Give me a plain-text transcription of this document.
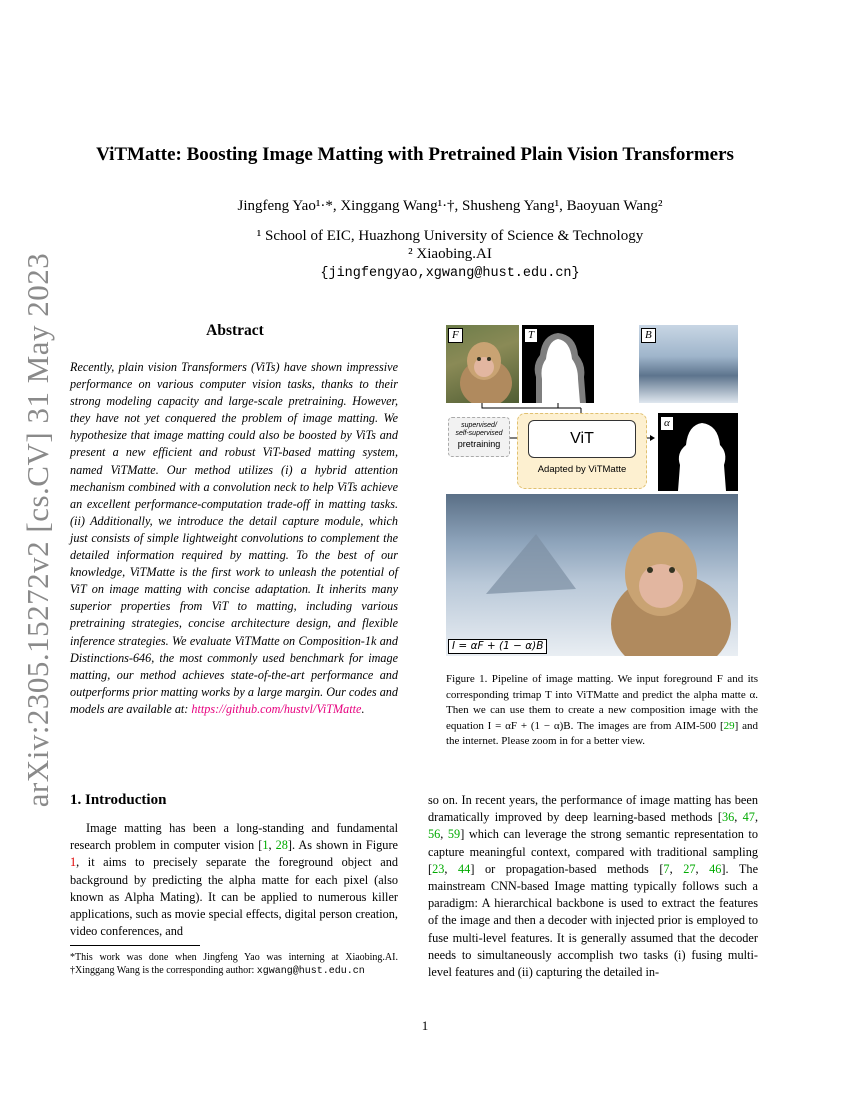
arXiv:2305.15272v2 [cs.CV] 31 May 2023
ViTMatte: Boosting Image Matting with Pretrained Plain Vision Transformers
Jingfeng Yao¹·*, Xinggang Wang¹·†, Shusheng Yang¹, Baoyuan Wang²
¹ School of EIC, Huazhong University of Science & Technology
² Xiaobing.AI
{jingfengyao,xgwang@hust.edu.cn}
Abstract
Recently, plain vision Transformers (ViTs) have shown impressive performance on various computer vision tasks, thanks to their strong modeling capacity and large-scale pretraining. However, they have not yet conquered the problem of image matting. We hypothesize that image matting could also be boosted by ViTs and present a new efficient and robust ViT-based matting system, named ViTMatte. Our method utilizes (i) a hybrid attention mechanism combined with a convolution neck to help ViTs achieve an excellent performance-computation trade-off in matting tasks. (ii) Additionally, we introduce the detail capture module, which just consists of simple lightweight convolutions to complement the detailed information required by matting. To the best of our knowledge, ViTMatte is the first work to unleash the potential of ViT on image matting with concise adaptation. It inherits many superior properties from ViT to matting, including various pretraining strategies, concise architecture design, and flexible inference strategies. We evaluate ViTMatte on Composition-1k and Distinctions-646, the most commonly used benchmark for image matting, our method achieves state-of-the-art performance and outperforms prior matting works by a large margin. Our codes and models are available at: https://github.com/hustvl/ViTMatte.
1. Introduction
Image matting has been a long-standing and fundamental research problem in computer vision [1, 28]. As shown in Figure 1, it aims to precisely separate the foreground object and background by predicting the alpha matte for each pixel (also known as Alpha Mating). It can be applied to numerous killer applications, such as movie special effects, digital person creation, video conferences, and
*This work was done when Jingfeng Yao was interning at Xiaobing.AI. †Xinggang Wang is the corresponding author: xgwang@hust.edu.cn
so on. In recent years, the performance of image matting has been dramatically improved by deep learning-based methods [36, 47, 56, 59] which can leverage the strong semantic representation to capture meaningful context, compared with traditional sampling [23, 44] or propagation-based methods [7, 27, 46]. The mainstream CNN-based Image matting typically follows such a paradigm: A hierarchical backbone is used to extract the features of the image and then a decoder with injected prior is employed to fuse multi-level features. It is generally assumed that the decoder needs to simultaneously accomplish two tasks (i) fusing multi-level features and (ii) capturing the detailed in-
F	T	B
supervised/
self-supervised
pretraining	ViT
Adapted by ViTMatte
α
I = αF + (1 − α)B
Figure 1. Pipeline of image matting. We input foreground F and its corresponding trimap T into ViTMatte and predict the alpha matte α. Then we can use them to create a new composition image with the equation I = αF + (1 − α)B. The images are from AIM-500 [29] and the internet. Please zoom in for a better view.
1
